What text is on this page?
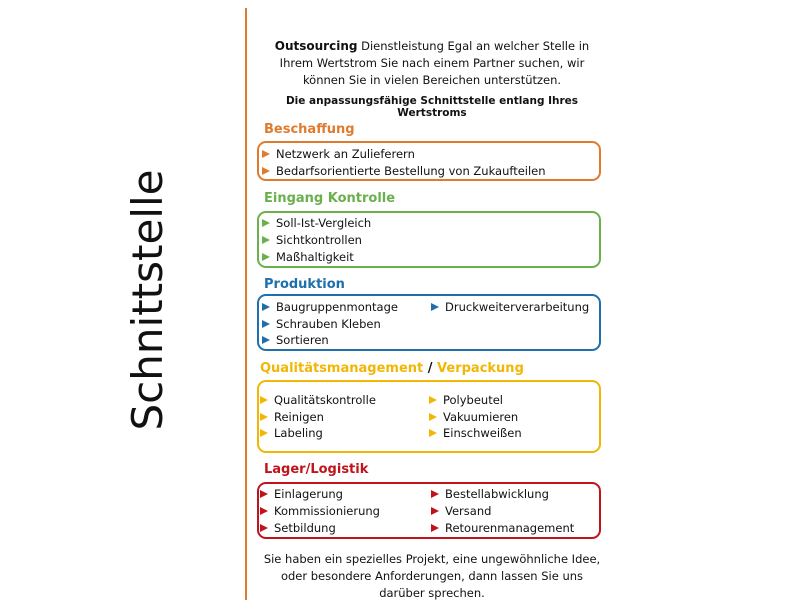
Schnittstelle
Outsourcing Dienstleistung Egal an welcher Stelle in Ihrem Wertstrom Sie nach einem Partner suchen, wir können Sie in vielen Bereichen unterstützen.
Die anpassungsfähige Schnittstelle entlang Ihres Wertstroms
Beschaffung
Netzwerk an Zulieferern
Bedarfsorientierte Bestellung von Zukaufteilen
Eingang Kontrolle
Soll-Ist-Vergleich
Sichtkontrollen
Maßhaltigkeit
Produktion
Baugruppenmontage
Schrauben Kleben
Sortieren
Druckweiterverarbeitung
Qualitätsmanagement / Verpackung
Qualitätskontrolle
Reinigen
Labeling
Polybeutel
Vakuumieren
Einschweißen
Lager/Logistik
Einlagerung
Kommissionierung
Setbildung
Bestellabwicklung
Versand
Retourenmanagement
Sie haben ein spezielles Projekt, eine ungewöhnliche Idee, oder besondere Anforderungen, dann lassen Sie uns darüber sprechen.
